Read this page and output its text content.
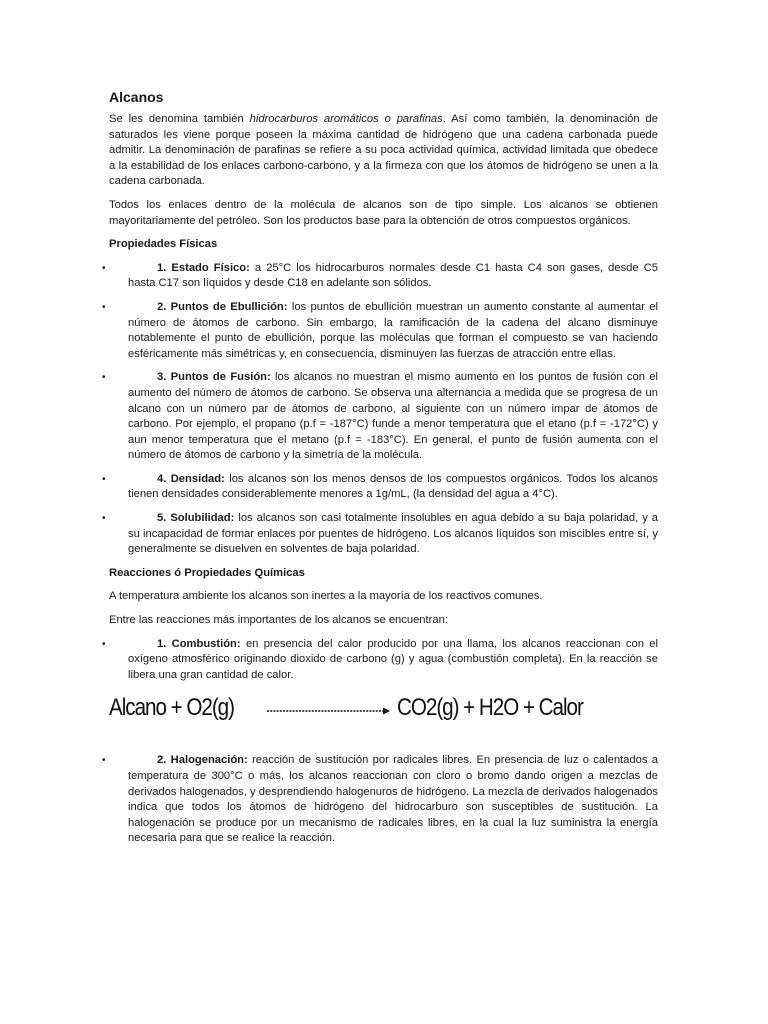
Alcanos

Se les denomina también hidrocarburos aromáticos o parafinas. Así como también, la denominación de saturados les viene porque poseen la máxima cantidad de hidrógeno que una cadena carbonada puede admitir. La denominación de parafinas se refiere a su poca actividad química, actividad limitada que obedece a la estabilidad de los enlaces carbono-carbono, y a la firmeza con que los átomos de hidrógeno se unen a la cadena carbonada.

Todos los enlaces dentro de la molécula de alcanos son de tipo simple. Los alcanos se obtienen mayoritariamente del petróleo. Son los productos base para la obtención de otros compuestos orgánicos.

Propiedades Físicas
•	1. Estado Físico: a 25°C los hidrocarburos normales desde C1 hasta C4 son gases, desde C5 hasta C17 son líquidos y desde C18 en adelante son sólidos.
•	2. Puntos de Ebullición: los puntos de ebullición muestran un aumento constante al aumentar el número de átomos de carbono. Sin embargo, la ramificación de la cadena del alcano disminuye notablemente el punto de ebullición, porque las moléculas que forman el compuesto se van haciendo esféricamente más simétricas y, en consecuencia, disminuyen las fuerzas de atracción entre ellas.
•	3. Puntos de Fusión: los alcanos no muestran el mismo aumento en los puntos de fusión con el aumento del número de átomos de carbono. Se observa una alternancia a medida que se progresa de un alcano con un número par de átomos de carbono, al siguiente con un número impar de átomos de carbono. Por ejemplo, el propano (p.f = -187°C) funde a menor temperatura que el etano (p.f = -172°C) y aun menor temperatura que el metano (p.f = -183°C). En general, el punto de fusión aumenta con el número de átomos de carbono y la simetría de la molécula.
•	4. Densidad: los alcanos son los menos densos de los compuestos orgánicos. Todos los alcanos tienen densidades considerablemente menores a 1g/mL, (la densidad del agua a 4°C).
•	5. Solubilidad: los alcanos son casi totalmente insolubles en agua debido a su baja polaridad, y a su incapacidad de formar enlaces por puentes de hidrógeno. Los alcanos líquidos son miscibles entre sí, y generalmente se disuelven en solventes de baja polaridad.
Reacciones ó Propiedades Químicas

A temperatura ambiente los alcanos son inertes a la mayoría de los reactivos comunes.

Entre las reacciones más importantes de los alcanos se encuentran:

•	1. Combustión: en presencia del calor producido por una llama, los alcanos reaccionan con el oxígeno atmosférico originando dioxido de carbono (g) y agua (combustión completa). En la reacción se libera una gran cantidad de calor.
Alcano + O2(g)	CO2(g) + H2O + Calor
•	2. Halogenación: reacción de sustitución por radicales libres. En presencia de luz o calentados a temperatura de 300°C o más, los alcanos reaccionan con cloro o bromo dando origen a mezclas de derivados halogenados, y desprendiendo halogenuros de hidrógeno. La mezcla de derivados halogenados indica que todos los átomos de hidrógeno del hidrocarburo son susceptibles de sustitución. La halogenación se produce por un mecanismo de radicales libres, en la cual la luz suministra la energía necesaria para que se realice la reacción.
